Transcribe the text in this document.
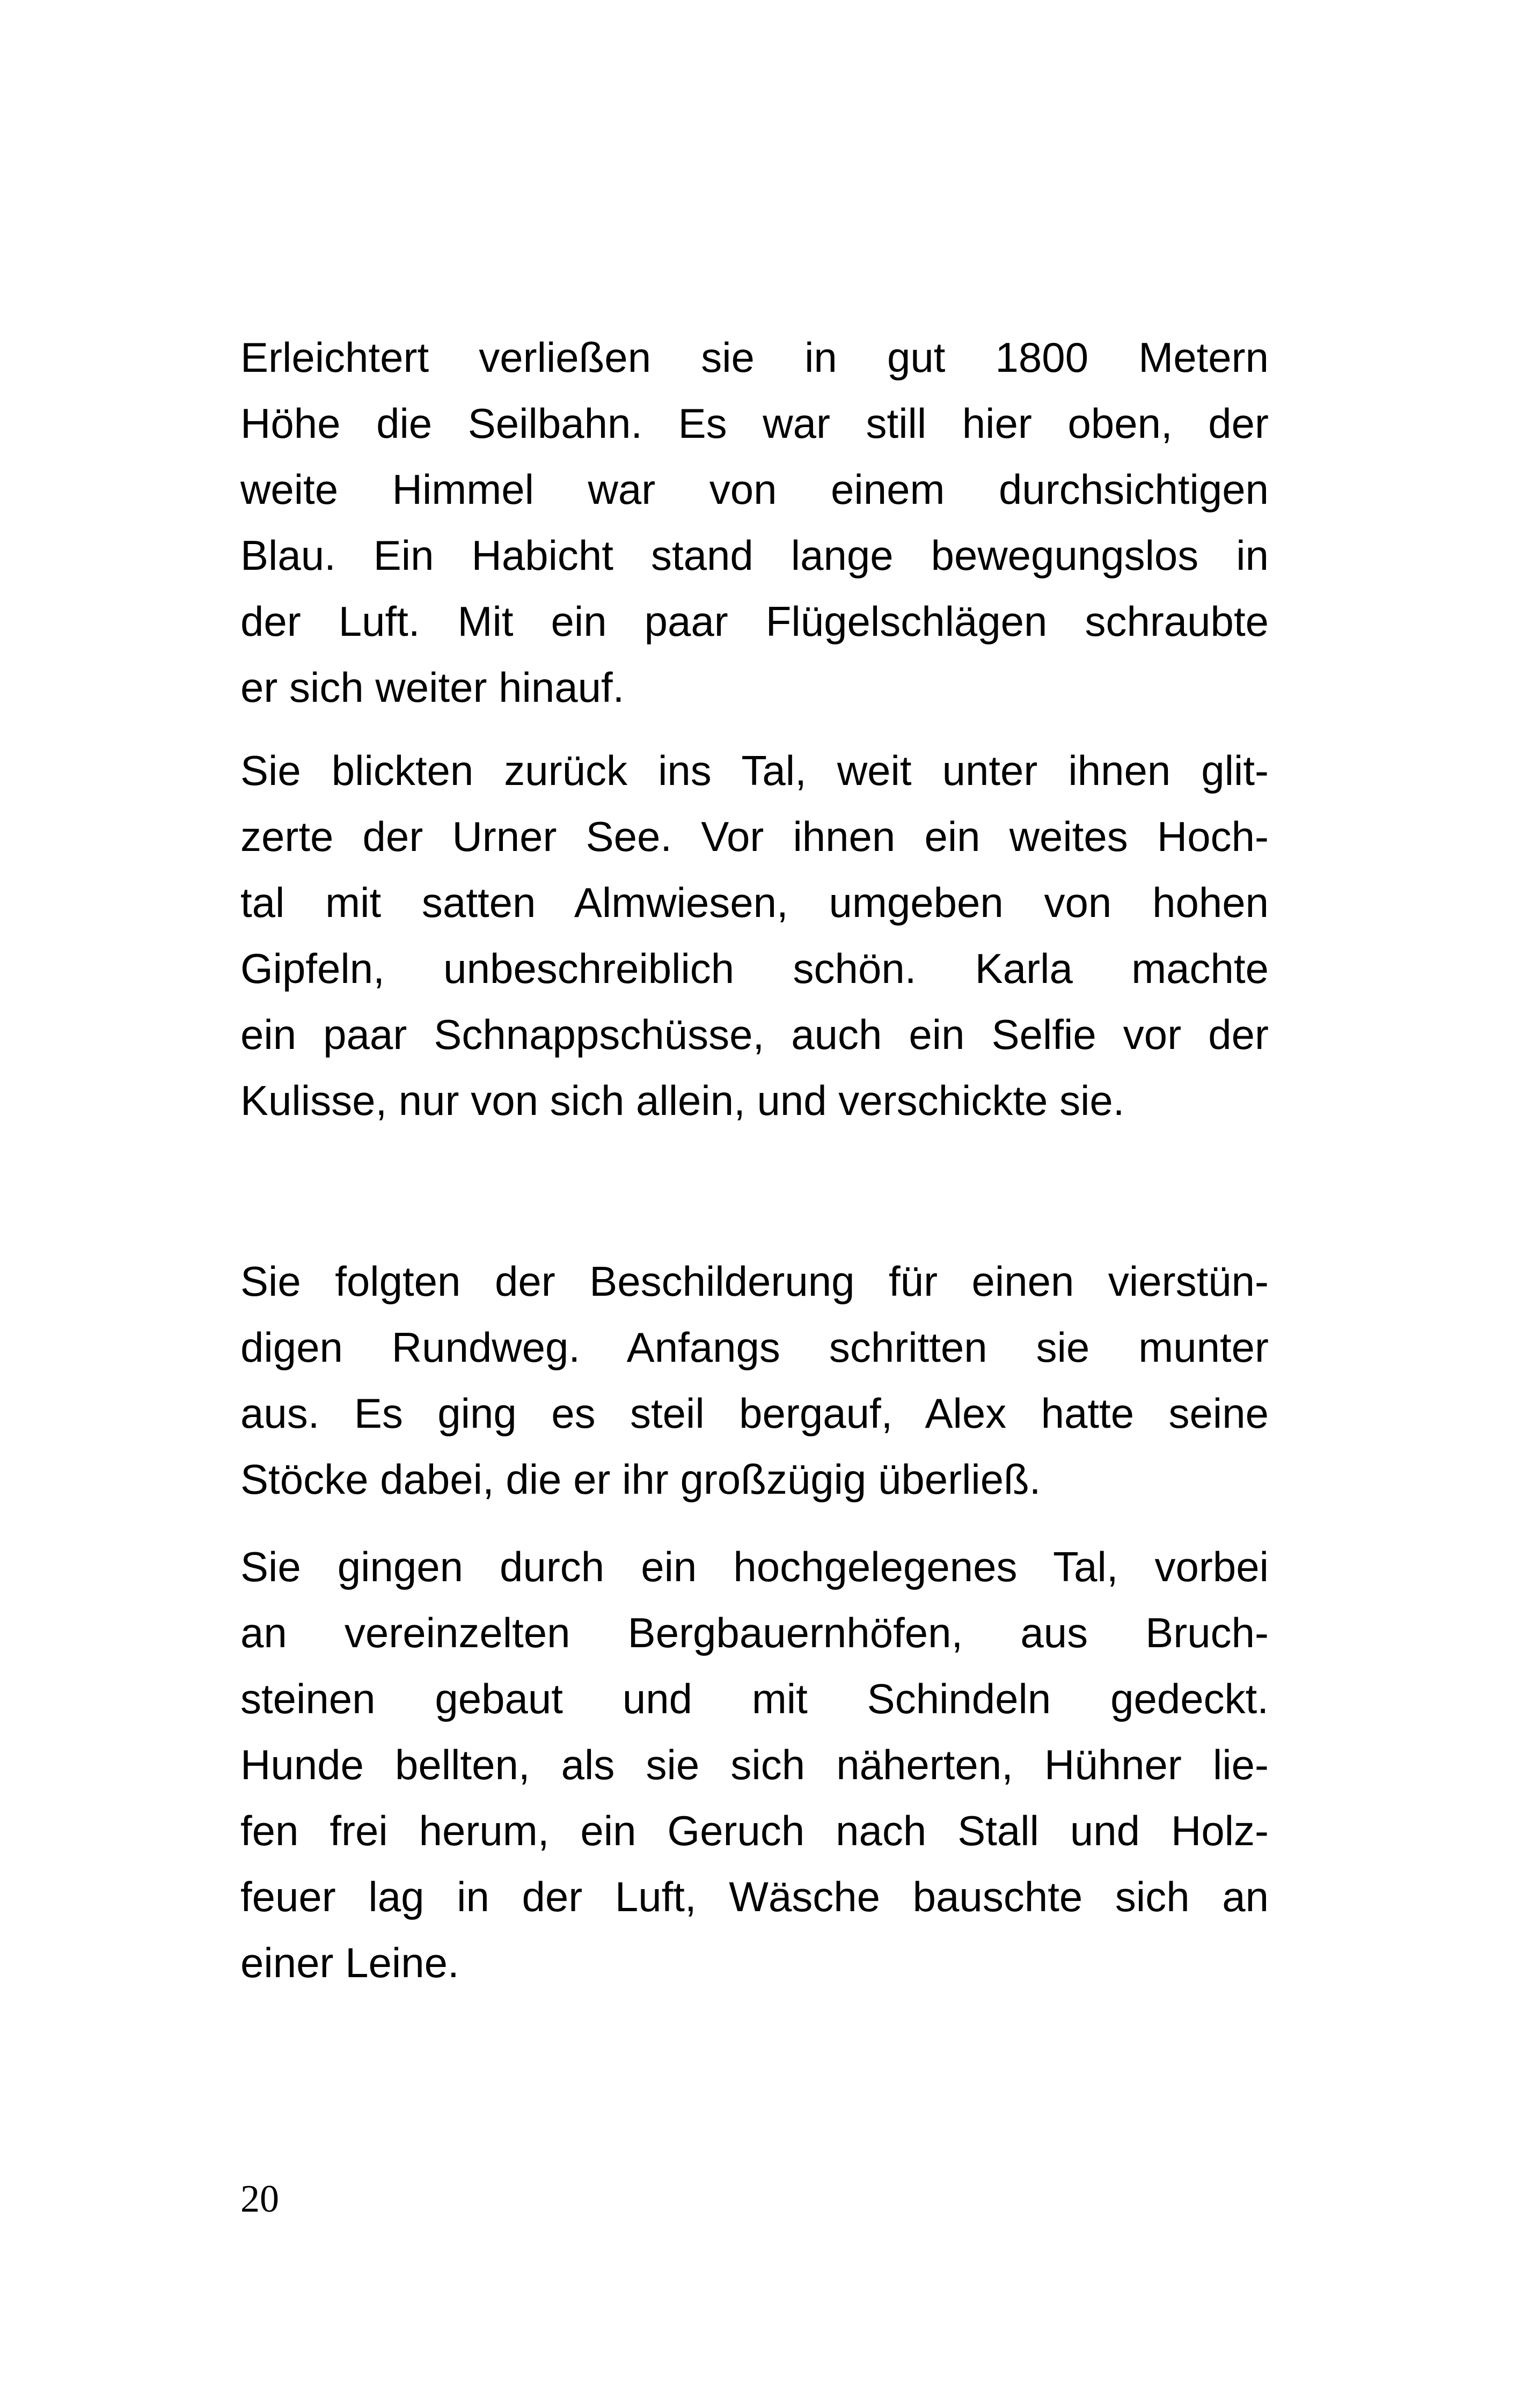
Erleichtert verließen sie in gut 1800 Metern
Höhe die Seilbahn. Es war still hier oben, der
weite Himmel war von einem durchsichtigen
Blau. Ein Habicht stand lange bewegungslos in
der Luft. Mit ein paar Flügelschlägen schraubte
er sich weiter hinauf.
Sie blickten zurück ins Tal, weit unter ihnen glit-
zerte der Urner See. Vor ihnen ein weites Hoch-
tal mit satten Almwiesen, umgeben von hohen
Gipfeln, unbeschreiblich schön. Karla machte
ein paar Schnappschüsse, auch ein Selfie vor der
Kulisse, nur von sich allein, und verschickte sie.
Sie folgten der Beschilderung für einen vierstün-
digen Rundweg. Anfangs schritten sie munter
aus. Es ging es steil bergauf, Alex hatte seine
Stöcke dabei, die er ihr großzügig überließ.
Sie gingen durch ein hochgelegenes Tal, vorbei
an vereinzelten Bergbauernhöfen, aus Bruch-
steinen gebaut und mit Schindeln gedeckt.
Hunde bellten, als sie sich näherten, Hühner lie-
fen frei herum, ein Geruch nach Stall und Holz-
feuer lag in der Luft, Wäsche bauschte sich an
einer Leine.
20
